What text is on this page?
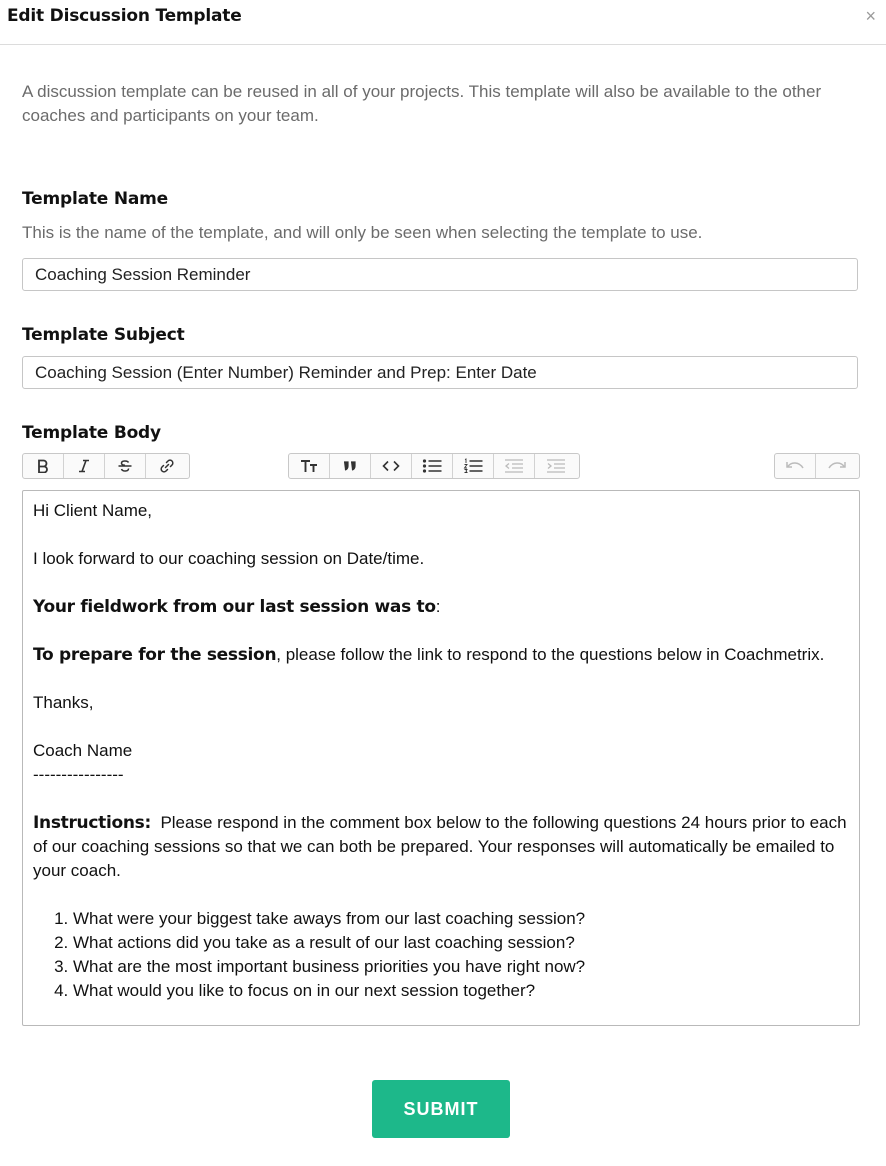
Edit Discussion Template	×
A discussion template can be reused in all of your projects. This template will also be available to the other coaches and participants on your team.
Template Name
This is the name of the template, and will only be seen when selecting the template to use.
Coaching Session Reminder
Template Subject
Coaching Session (Enter Number) Reminder and Prep: Enter Date
Template Body

Hi Client Name,

I look forward to our coaching session on Date/time.

Your fieldwork from our last session was to:

To prepare for the session, please follow the link to respond to the questions below in Coachmetrix.

Thanks,

Coach Name

----------------

Instructions:  Please respond in the comment box below to the following questions 24 hours prior to each of our coaching sessions so that we can both be prepared. Your responses will automatically be emailed to your coach.

1. What were your biggest take aways from our last coaching session?
2. What actions did you take as a result of our last coaching session?
3. What are the most important business priorities you have right now?
4. What would you like to focus on in our next session together?
SUBMIT
